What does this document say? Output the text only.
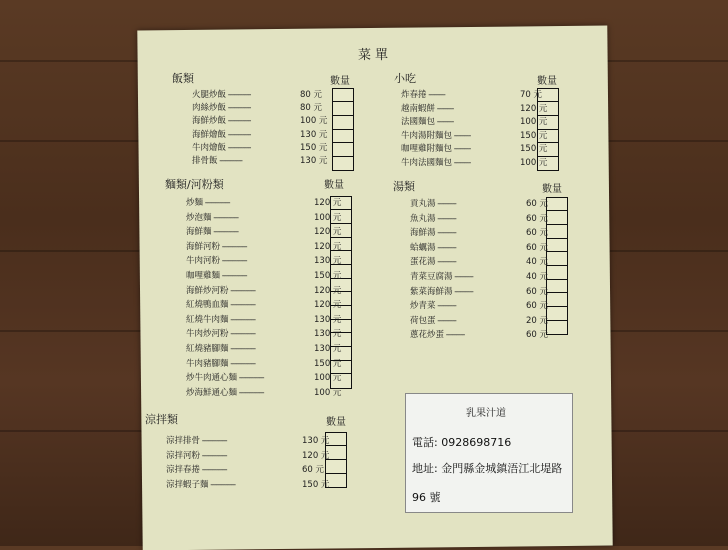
菜單
飯類	數量
火腿炒飯 -----------	80 元
肉絲炒飯 -----------	80 元
海鮮炒飯 -----------	100 元
海鮮燴飯 -----------	130 元
牛肉燴飯 -----------	150 元
排骨飯 -----------	130 元
小吃	數量
炸春捲 --------	70 元
越南蝦餅 --------	120 元
法國麵包 --------	100 元
牛肉湯附麵包 --------	150 元
咖哩雞附麵包 --------	150 元
牛肉法國麵包 --------	100 元
麵類/河粉類	數量
炒麵 ------------	120 元
炒泡麵 ------------	100 元
海鮮麵 ------------	120 元
海鮮河粉 ------------	120 元
牛肉河粉 ------------	130 元
咖哩雞麵 ------------	150 元
海鮮炒河粉 ------------	120 元
紅燒鴨血麵 ------------	120 元
紅燒牛肉麵 ------------	130 元
牛肉炒河粉 ------------	130 元
紅燒豬腳麵 ------------	130 元
牛肉豬腳麵 ------------	150 元
炒牛肉通心麵 ------------	100 元
炒海鮮通心麵 ------------	100 元
湯類	數量
貢丸湯 ---------	60 元
魚丸湯 ---------	60 元
海鮮湯 ---------	60 元
蛤蠣湯 ---------	60 元
蛋花湯 ---------	40 元
青菜豆腐湯 ---------	40 元
紫菜海鮮湯 ---------	60 元
炒青菜 ---------	60 元
荷包蛋 ---------	20 元
蔥花炒蛋 ---------	60 元
涼拌類	數量
涼拌排骨 ------------	130 元
涼拌河粉 ------------	120 元
涼拌春捲 ------------	60 元
涼拌蝦子麵 ------------	150 元
乳果汁道
電話: 0928698716
地址: 金門縣金城鎮浯江北堤路
96 號
